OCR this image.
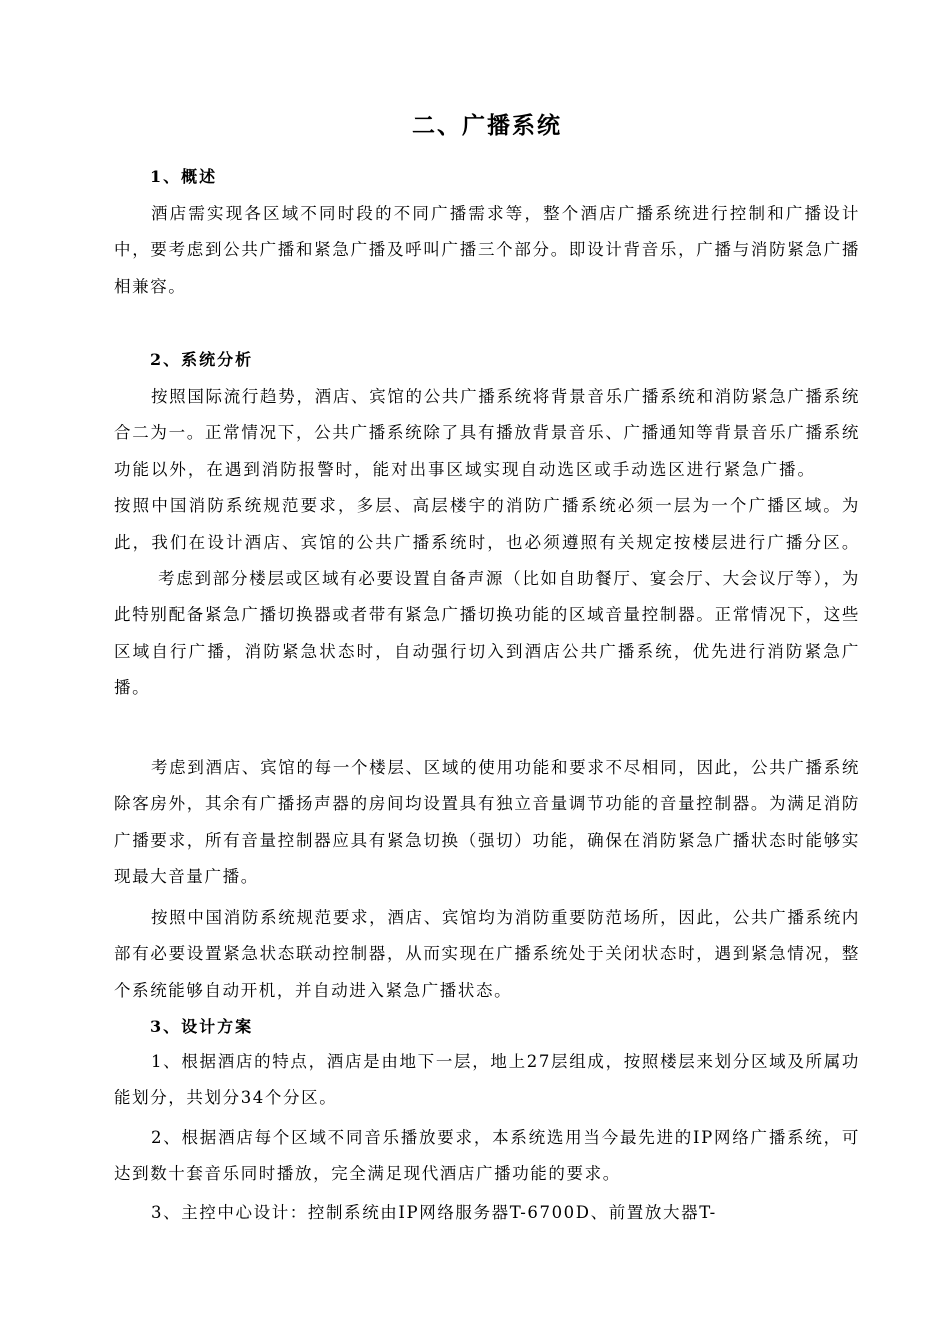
二、广播系统
1、概述

酒店需实现各区域不同时段的不同广播需求等，整个酒店广播系统进行控制和广播设计中，要考虑到公共广播和紧急广播及呼叫广播三个部分。即设计背音乐，广播与消防紧急广播相兼容。

2、系统分析

按照国际流行趋势，酒店、宾馆的公共广播系统将背景音乐广播系统和消防紧急广播系统合二为一。正常情况下，公共广播系统除了具有播放背景音乐、广播通知等背景音乐广播系统功能以外，在遇到消防报警时，能对出事区域实现自动选区或手动选区进行紧急广播。按照中国消防系统规范要求，多层、高层楼宇的消防广播系统必须一层为一个广播区域。为此，我们在设计酒店、宾馆的公共广播系统时，也必须遵照有关规定按楼层进行广播分区。考虑到部分楼层或区域有必要设置自备声源（比如自助餐厅、宴会厅、大会议厅等），为此特别配备紧急广播切换器或者带有紧急广播切换功能的区域音量控制器。正常情况下，这些区域自行广播，消防紧急状态时，自动强行切入到酒店公共广播系统，优先进行消防紧急广播。

考虑到酒店、宾馆的每一个楼层、区域的使用功能和要求不尽相同，因此，公共广播系统除客房外，其余有广播扬声器的房间均设置具有独立音量调节功能的音量控制器。为满足消防广播要求，所有音量控制器应具有紧急切换（强切）功能，确保在消防紧急广播状态时能够实现最大音量广播。

按照中国消防系统规范要求，酒店、宾馆均为消防重要防范场所，因此，公共广播系统内部有必要设置紧急状态联动控制器，从而实现在广播系统处于关闭状态时，遇到紧急情况，整个系统能够自动开机，并自动进入紧急广播状态。

3、设计方案

1、根据酒店的特点，酒店是由地下一层，地上27层组成，按照楼层来划分区域及所属功能划分，共划分34个分区。

2、根据酒店每个区域不同音乐播放要求，本系统选用当今最先进的IP网络广播系统，可达到数十套音乐同时播放，完全满足现代酒店广播功能的要求。

3、主控中心设计：控制系统由IP网络服务器T-6700D、前置放大器T-
